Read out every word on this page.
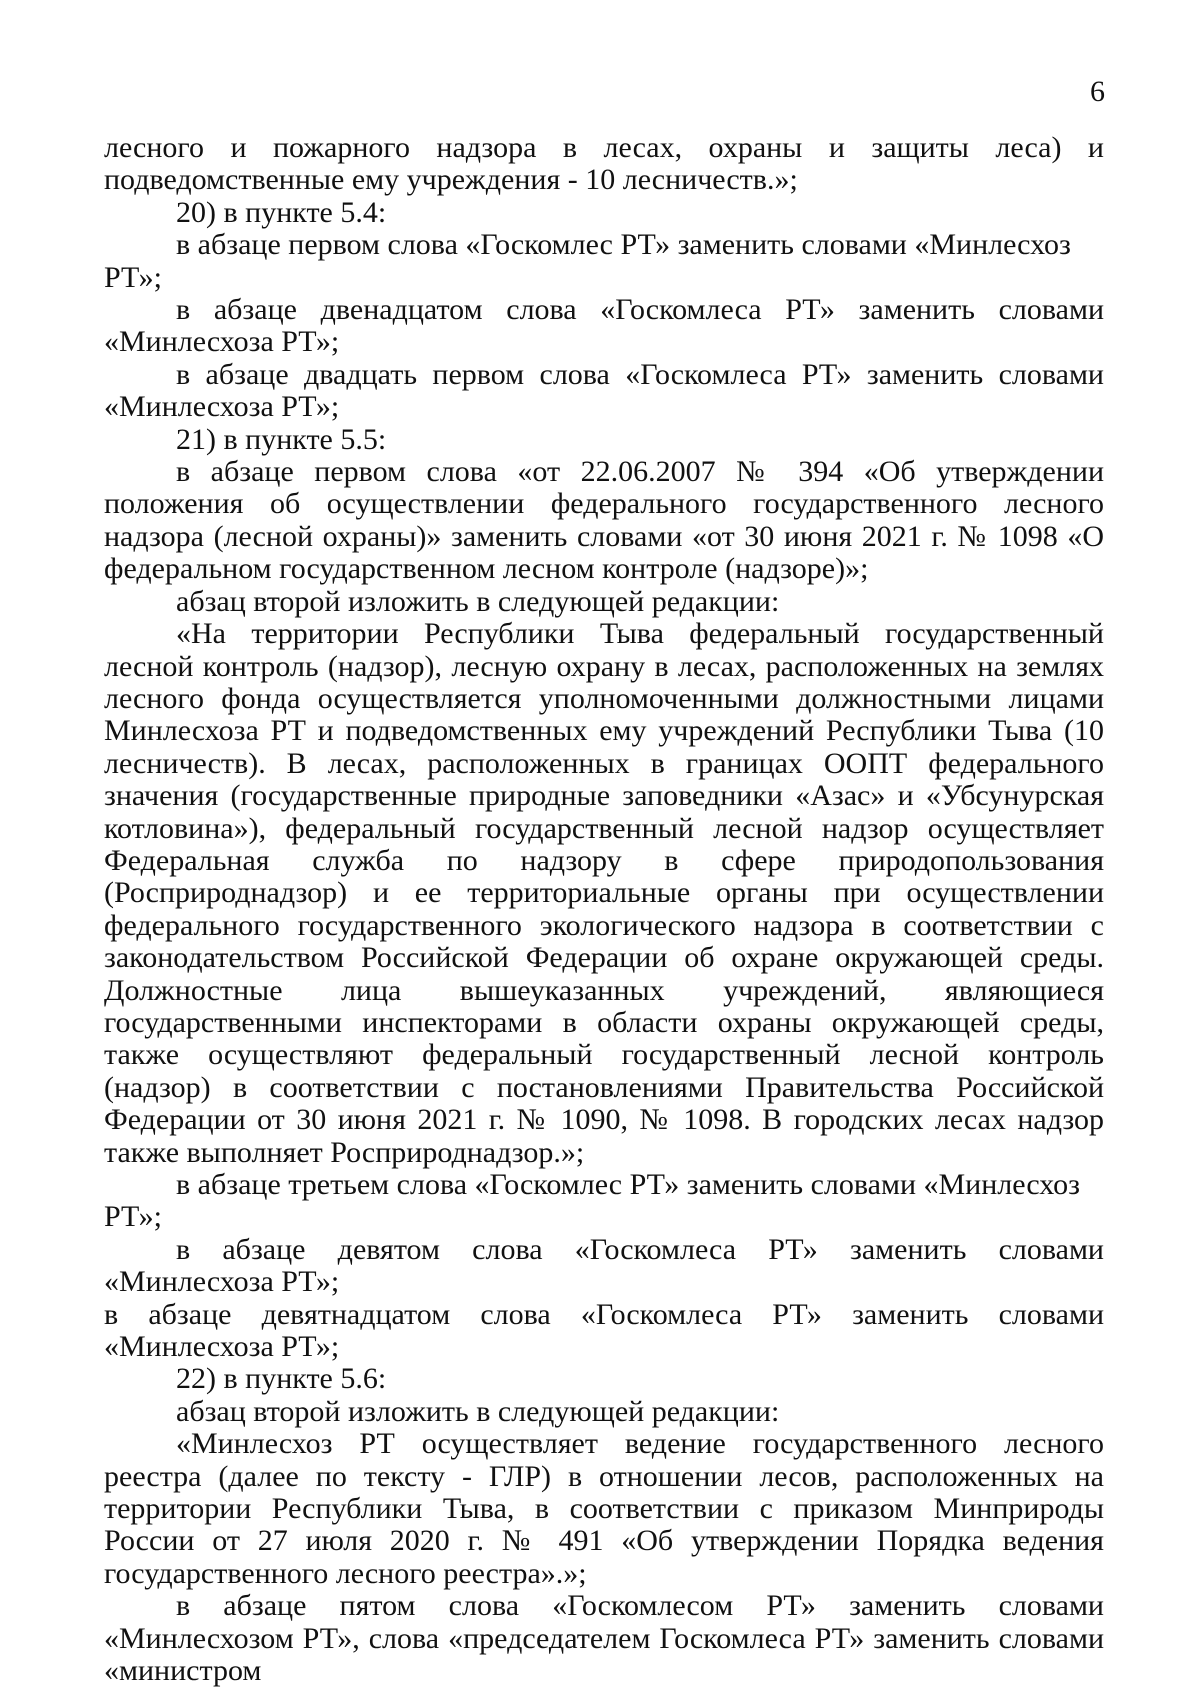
6

лесного и пожарного надзора в лесах, охраны и защиты леса) и подведомственные ему учреждения - 10 лесничеств.»;

20) в пункте 5.4:

в абзаце первом слова «Госкомлес РТ» заменить словами «Минлесхоз РТ»;

в абзаце двенадцатом слова «Госкомлеса РТ» заменить словами «Минлесхоза РТ»;

в абзаце двадцать первом слова «Госкомлеса РТ» заменить словами «Минлесхоза РТ»;

21) в пункте 5.5:

в абзаце первом слова «от 22.06.2007 № 394 «Об утверждении положения об осуществлении федерального государственного лесного надзора (лесной охраны)» заменить словами «от 30 июня 2021 г. № 1098 «О федеральном государственном лесном контроле (надзоре)»;

абзац второй изложить в следующей редакции:

«На территории Республики Тыва федеральный государственный лесной контроль (надзор), лесную охрану в лесах, расположенных на землях лесного фонда осуществляется уполномоченными должностными лицами Минлесхоза РТ и подведомственных ему учреждений Республики Тыва (10 лесничеств). В лесах, расположенных в границах ООПТ федерального значения (государственные природные заповедники «Азас» и «Убсунурская котловина»), федеральный государственный лесной надзор осуществляет Федеральная служба по надзору в сфере природопользования (Росприроднадзор) и ее территориальные органы при осуществлении федерального государственного экологического надзора в соответствии с законодательством Российской Федерации об охране окружающей среды. Должностные лица вышеуказанных учреждений, являющиеся государственными инспекторами в области охраны окружающей среды, также осуществляют федеральный государственный лесной контроль (надзор) в соответствии с постановлениями Правительства Российской Федерации от 30 июня 2021 г. № 1090, № 1098. В городских лесах надзор также выполняет Росприроднадзор.»;

в абзаце третьем слова «Госкомлес РТ» заменить словами «Минлесхоз РТ»;

в абзаце девятом слова «Госкомлеса РТ» заменить словами «Минлесхоза РТ»;

в абзаце девятнадцатом слова «Госкомлеса РТ» заменить словами «Минлесхоза РТ»;

22) в пункте 5.6:

абзац второй изложить в следующей редакции:

«Минлесхоз РТ осуществляет ведение государственного лесного реестра (далее по тексту - ГЛР) в отношении лесов, расположенных на территории Республики Тыва, в соответствии с приказом Минприроды России от 27 июля 2020 г. № 491 «Об утверждении Порядка ведения государственного лесного реестра».»;

в абзаце пятом слова «Госкомлесом РТ» заменить словами «Минлесхозом РТ», слова «председателем Госкомлеса РТ» заменить словами «министром
